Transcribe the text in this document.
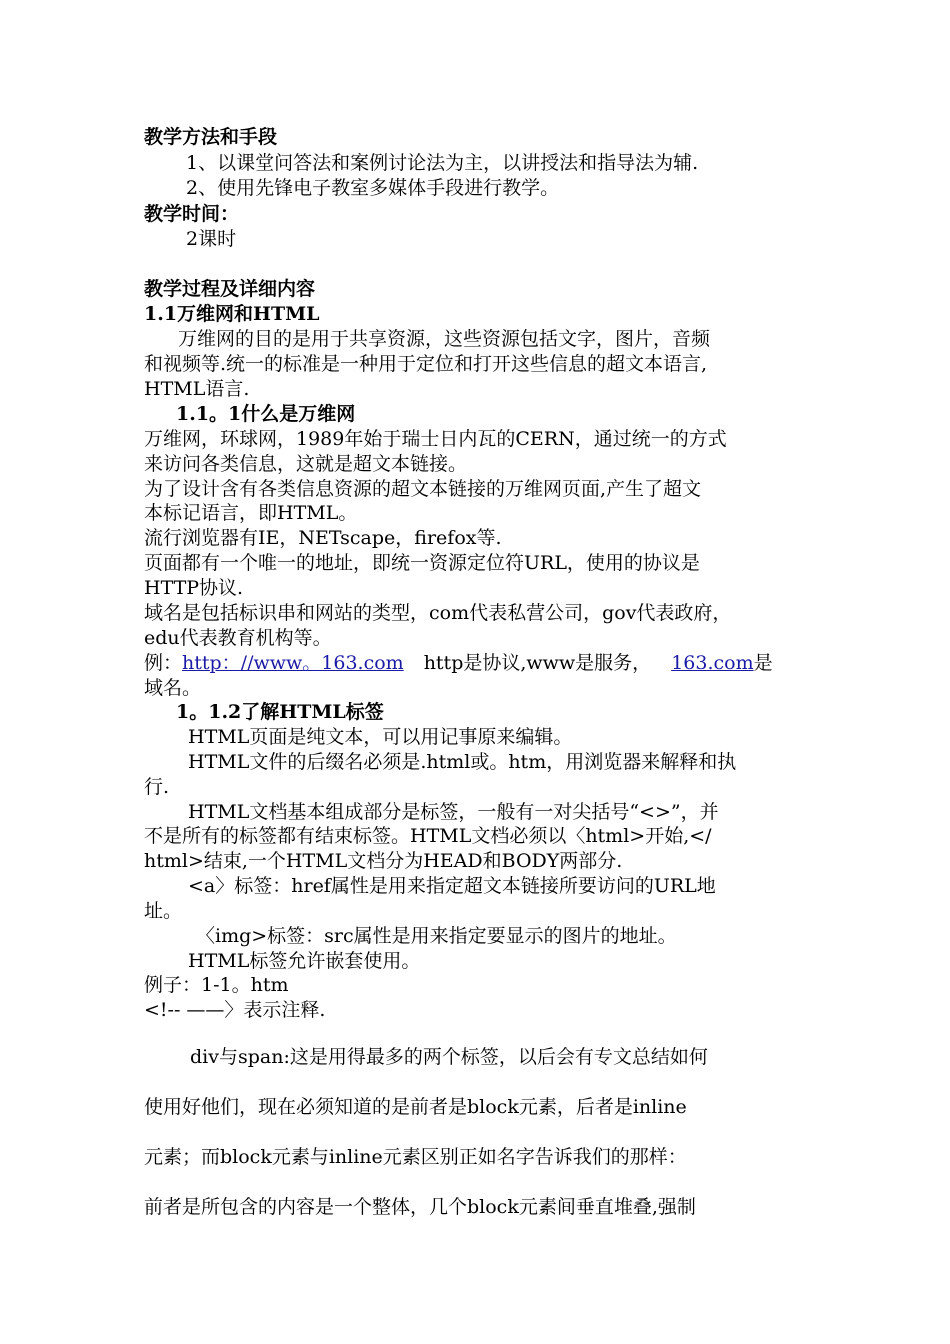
教学方法和手段
1、以课堂问答法和案例讨论法为主，以讲授法和指导法为辅.
2、使用先锋电子教室多媒体手段进行教学。
教学时间：
2课时
教学过程及详细内容
1.1万维网和HTML
万维网的目的是用于共享资源，这些资源包括文字，图片，音频
和视频等.统一的标准是一种用于定位和打开这些信息的超文本语言,
HTML语言.
1.1。1什么是万维网
万维网，环球网，1989年始于瑞士日内瓦的CERN，通过统一的方式
来访问各类信息，这就是超文本链接。
为了设计含有各类信息资源的超文本链接的万维网页面,产生了超文
本标记语言，即HTML。
流行浏览器有IE，NETscape，firefox等.
页面都有一个唯一的地址，即统一资源定位符URL，使用的协议是
HTTP协议.
域名是包括标识串和网站的类型，com代表私营公司，gov代表政府，
edu代表教育机构等。
例：http：//www。163.com http是协议,www是服务， 163.com是
域名。
1。1.2了解HTML标签
HTML页面是纯文本，可以用记事原来编辑。
HTML文件的后缀名必须是.html或。htm，用浏览器来解释和执
行.
HTML文档基本组成部分是标签，一般有一对尖括号“<>”，并
不是所有的标签都有结束标签。HTML文档必须以〈html>开始,</
html>结束,一个HTML文档分为HEAD和BODY两部分.
<a〉标签：href属性是用来指定超文本链接所要访问的URL地
址。
〈img>标签：src属性是用来指定要显示的图片的地址。
HTML标签允许嵌套使用。
例子：1-1。htm
<!-- ——〉表示注释.
div与span:这是用得最多的两个标签，以后会有专文总结如何
使用好他们，现在必须知道的是前者是block元素，后者是inline
元素；而block元素与inline元素区别正如名字告诉我们的那样：
前者是所包含的内容是一个整体，几个block元素间垂直堆叠,强制
